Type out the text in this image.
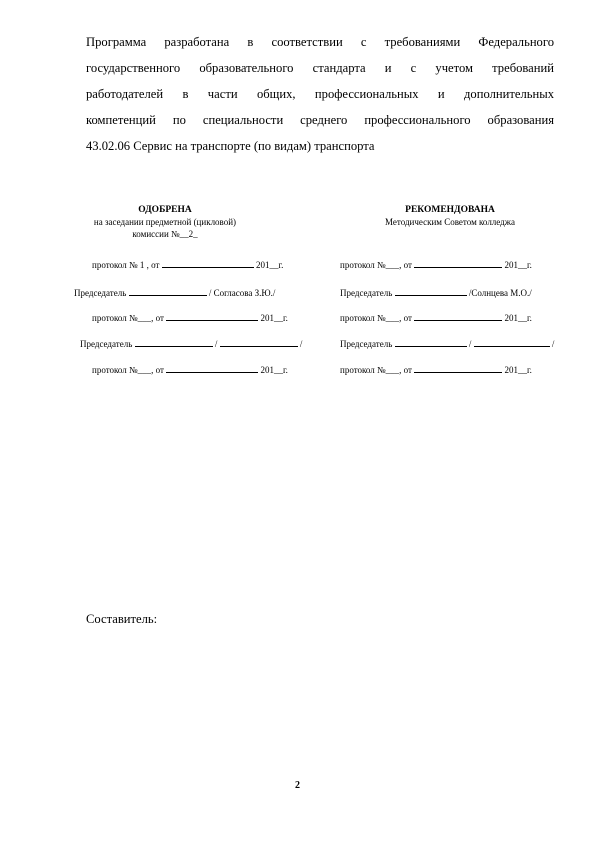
Программа разработана в соответствии с требованиями Федерального
государственного образовательного стандарта и с учетом требований
работодателей в части общих, профессиональных и дополнительных
компетенций по специальности среднего профессионального образования
43.02.06 Сервис на транспорте (по видам) транспорта
ОДОБРЕНА
на заседании предметной (цикловой)
комиссии №__2_
РЕКОМЕНДОВАНА
Методическим Советом колледжа
протокол № 1 , от	201__г.
Председатель	/ Согласова З.Ю./
протокол №___, от	201__г.
Председатель	/	/
протокол №___, от	201__г.
протокол №___, от	201__г.
Председатель	/Солнцева М.О./
протокол №___, от	201__г.
Председатель	/	/
протокол №___, от	201__г.
Составитель:
2
